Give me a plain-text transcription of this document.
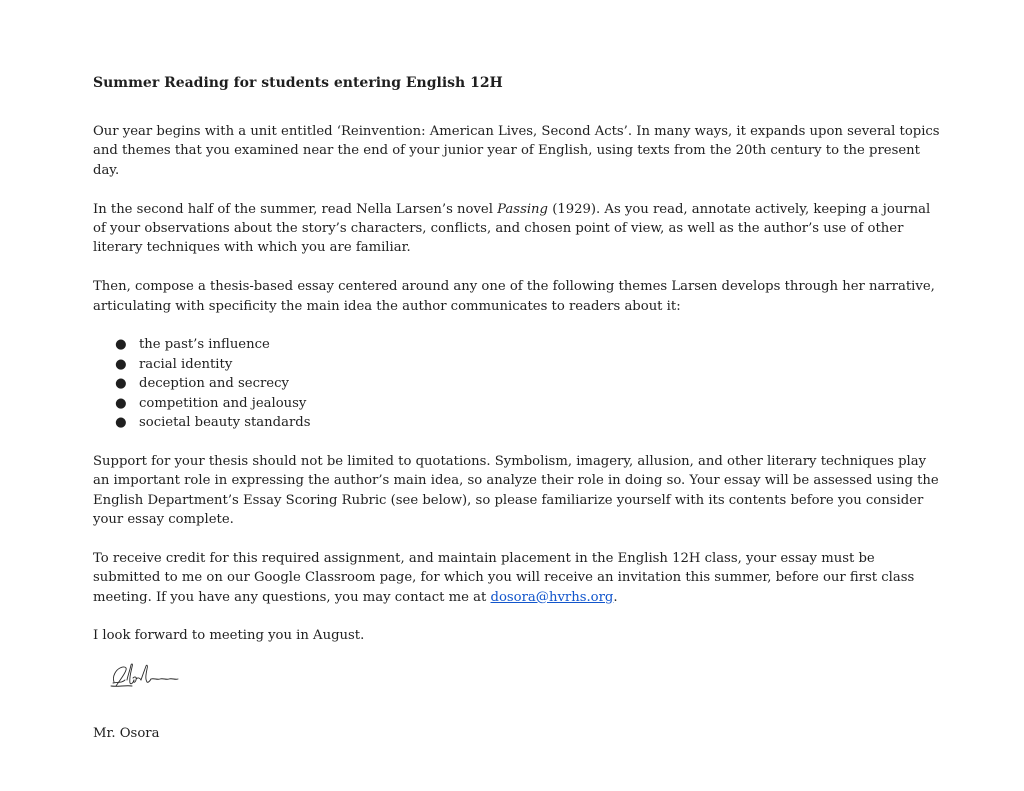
Summer Reading for students entering English 12H

Our year begins with a unit entitled ‘Reinvention: American Lives, Second Acts’. In many ways, it expands upon several topics and themes that you examined near the end of your junior year of English, using texts from the 20th century to the present day.

In the second half of the summer, read Nella Larsen’s novel Passing (1929). As you read, annotate actively, keeping a journal of your observations about the story’s characters, conflicts, and chosen point of view, as well as the author’s use of other literary techniques with which you are familiar.

Then, compose a thesis-based essay centered around any one of the following themes Larsen develops through her narrative, articulating with specificity the main idea the author communicates to readers about it:

● the past’s influence
● racial identity
● deception and secrecy
● competition and jealousy
● societal beauty standards

Support for your thesis should not be limited to quotations. Symbolism, imagery, allusion, and other literary techniques play an important role in expressing the author’s main idea, so analyze their role in doing so. Your essay will be assessed using the English Department’s Essay Scoring Rubric (see below), so please familiarize yourself with its contents before you consider your essay complete.

To receive credit for this required assignment, and maintain placement in the English 12H class, your essay must be submitted to me on our Google Classroom page, for which you will receive an invitation this summer, before our first class meeting. If you have any questions, you may contact me at dosora@hvrhs.org.

I look forward to meeting you in August.

Mr. Osora
